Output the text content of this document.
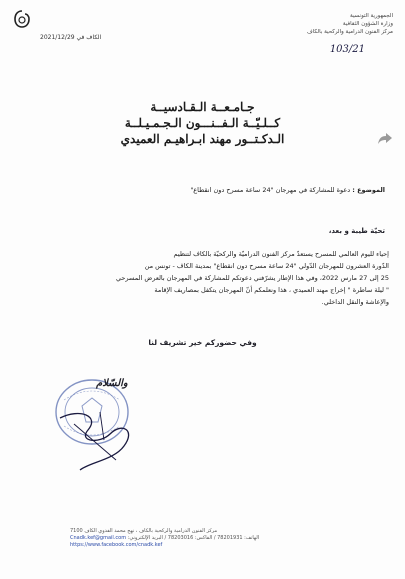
الجمهورية التونسية
وزارة الشؤون الثقافية
مركز الفنون الدرامية والركحية بالكاف
الكاف في 2021/12/29
103/21
جـامـعــة الـقـادسيــة
كــلـيّــة الـفــنـــون الـجـمـيـلــة
الـدكـتــور مهند ابـراهيـم العميدي
الموضوع : دعوة للمشاركة في مهرجان "24 ساعة مسرح دون انقطاع"
تحيّة طيبة و بعد،
إحياء لليوم العالمي للمسرح يستعدّ مركز الفنون الدراميّة والركحيّة بالكاف لتنظيم
الدّورة العشرون للمهرجان الدّولي "24 ساعة مسرح دون انقطاع" بمدينة الكاف - تونس من
25 إلى 27 مارس 2022، وفي هذا الإطار يشرّفني دعوتكم للمشاركة في المهرجان بالعرض المسرحي
" ليلة ساطرة " إخراج مهند العميدي ، هذا ونعلمكم أنّ المهرجان يتكفل بمصاريف الإقامة
والإعاشة والنقل الداخلي.
وفي حضوركم خير تشريف لنا
والسّلام
مركز الفنون الدرامية والركحية بالكاف ، نهج محمد الفدوي الكاف 7100
الهاتف: 78201931 / الفاكس: 78203016 / البريد الإلكتروني: Cnadk.kef@gmail.com
https://www.facebook.com/cnadk.kef
